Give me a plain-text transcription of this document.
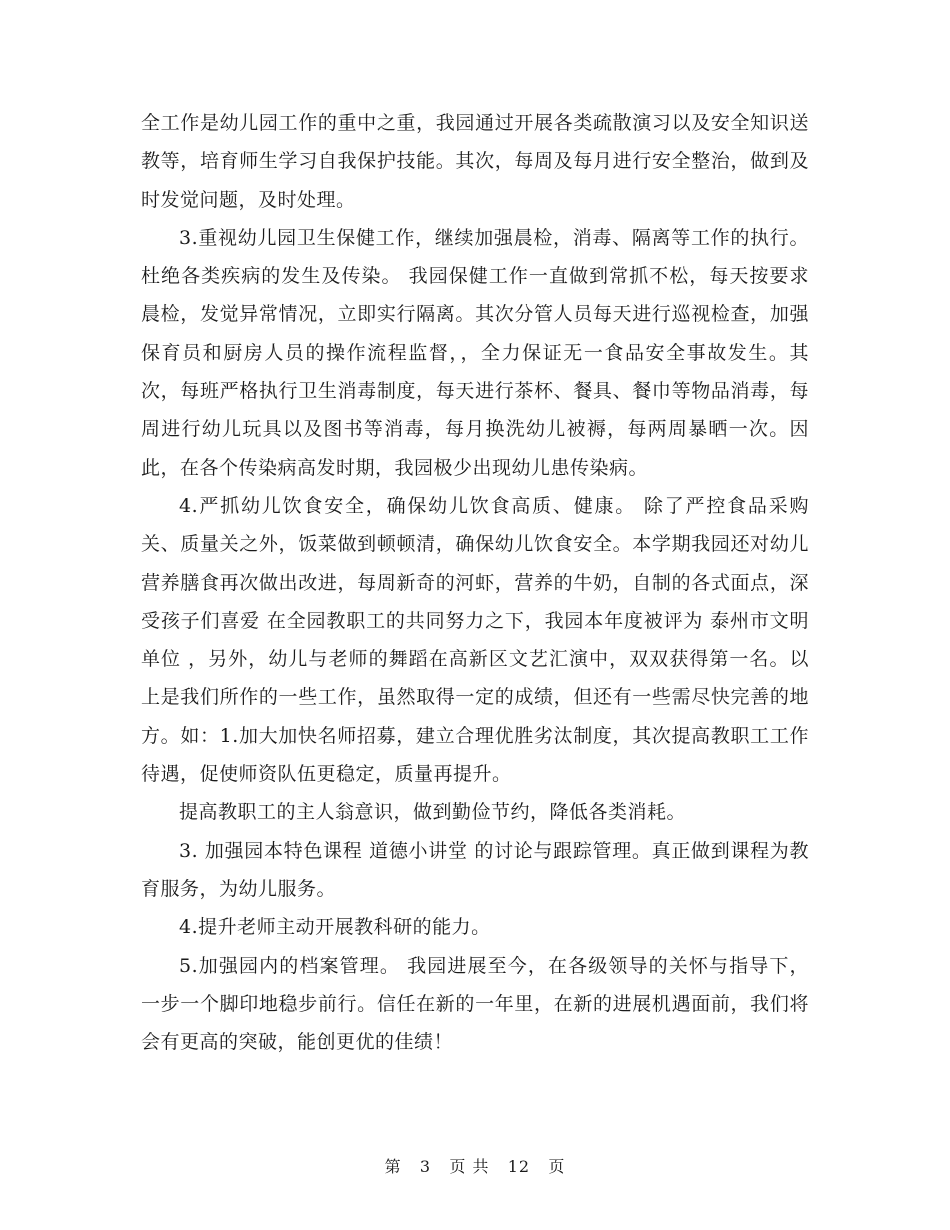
全工作是幼儿园工作的重中之重，我园通过开展各类疏散演习以及安全知识送教等，培育师生学习自我保护技能。其次，每周及每月进行安全整治，做到及时发觉问题，及时处理。

3.重视幼儿园卫生保健工作，继续加强晨检，消毒、隔离等工作的执行。杜绝各类疾病的发生及传染。 我园保健工作一直做到常抓不松，每天按要求晨检，发觉异常情况，立即实行隔离。其次分管人员每天进行巡视检查，加强保育员和厨房人员的操作流程监督，，全力保证无一食品安全事故发生。其次，每班严格执行卫生消毒制度，每天进行茶杯、餐具、餐巾等物品消毒，每周进行幼儿玩具以及图书等消毒，每月换洗幼儿被褥，每两周暴晒一次。因此，在各个传染病高发时期，我园极少出现幼儿患传染病。

4.严抓幼儿饮食安全，确保幼儿饮食高质、健康。 除了严控食品采购关、质量关之外，饭菜做到顿顿清，确保幼儿饮食安全。本学期我园还对幼儿营养膳食再次做出改进，每周新奇的河虾，营养的牛奶，自制的各式面点，深受孩子们喜爱 在全园教职工的共同努力之下，我园本年度被评为 泰州市文明单位 ，另外，幼儿与老师的舞蹈在高新区文艺汇演中，双双获得第一名。以上是我们所作的一些工作，虽然取得一定的成绩，但还有一些需尽快完善的地方。如：1.加大加快名师招募，建立合理优胜劣汰制度，其次提高教职工工作待遇，促使师资队伍更稳定，质量再提升。

提高教职工的主人翁意识，做到勤俭节约，降低各类消耗。

3. 加强园本特色课程 道德小讲堂 的讨论与跟踪管理。真正做到课程为教育服务，为幼儿服务。

4.提升老师主动开展教科研的能力。

5.加强园内的档案管理。 我园进展至今，在各级领导的关怀与指导下，一步一个脚印地稳步前行。信任在新的一年里，在新的进展机遇面前，我们将会有更高的突破，能创更优的佳绩！

第 3 页 共 12 页
